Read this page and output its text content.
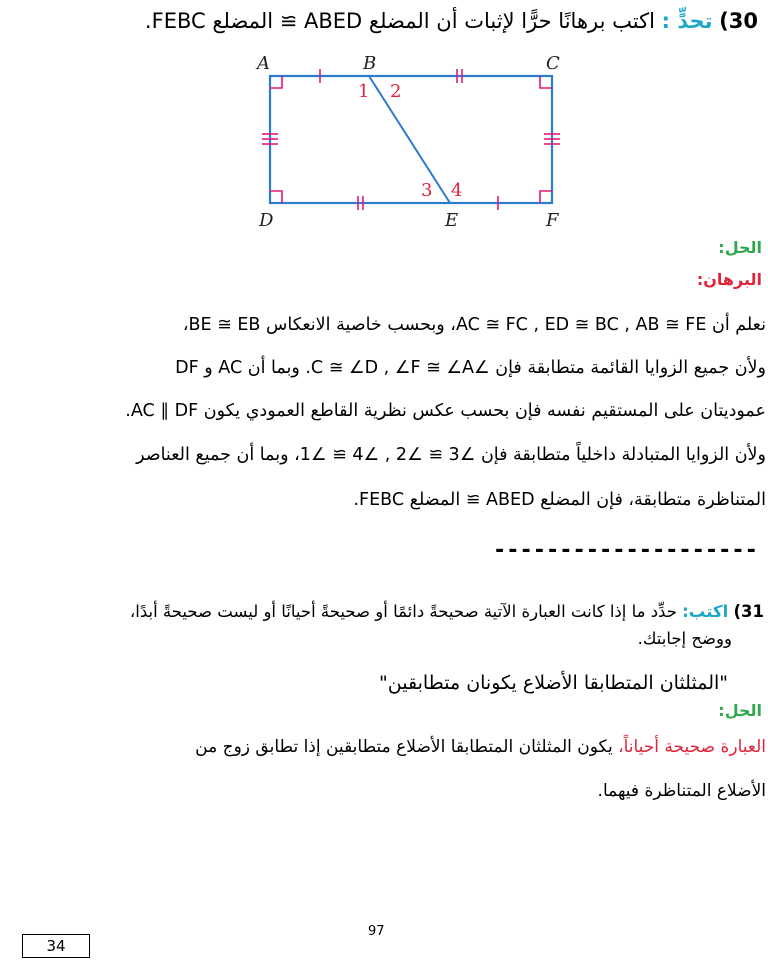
30) تحدٍّ : اكتب برهانًا حرًّا لإثبات أن المضلع ABED ≅ المضلع FEBC.
A	B	C
D	E	F
1 2
3 4
الحل:
البرهان:
نعلم أن AC ≅ FC , ED ≅ BC , AB ≅ FE، وبحسب خاصية الانعكاس BE ≅ EB،
ولأن جميع الزوايا القائمة متطابقة فإن ∠C ≅ ∠D , ∠F ≅ ∠A. وبما أن AC و DF
عموديتان على المستقيم نفسه فإن بحسب عكس نظرية القاطع العمودي يكون AC ∥ DF.
ولأن الزوايا المتبادلة داخلياً متطابقة فإن ∠3 ≅ ∠2 , ∠4 ≅ ∠1، وبما أن جميع العناصر
المتناظرة متطابقة، فإن المضلع ABED ≅ المضلع FEBC.
--------------------
31) اكتب: حدِّد ما إذا كانت العبارة الآتية صحيحةً دائمًا أو صحيحةً أحيانًا أو ليست صحيحةً أبدًا،
ووضح إجابتك.
"المثلثان المتطابقا الأضلاع يكونان متطابقين"
الحل:
العبارة صحيحة أحياناً، يكون المثلثان المتطابقا الأضلاع متطابقين إذا تطابق زوج من
الأضلاع المتناظرة فيهما.
97
34
